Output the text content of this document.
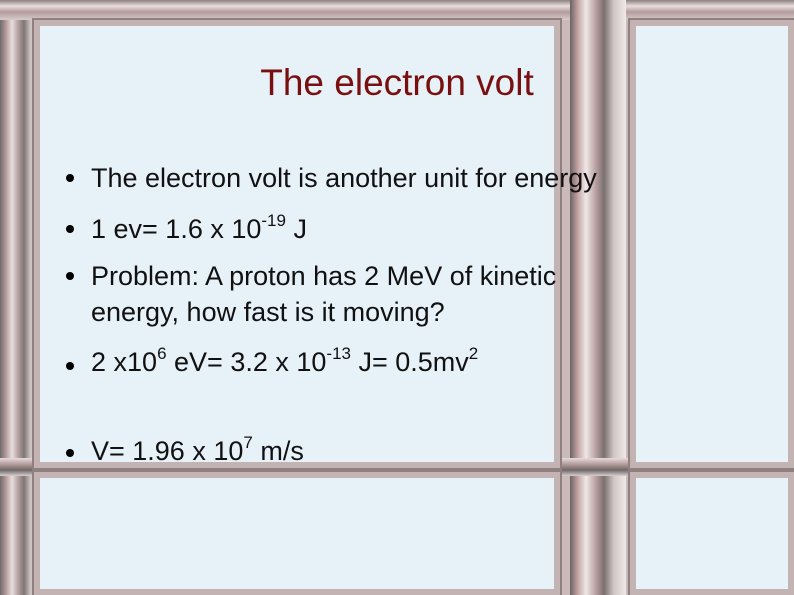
The electron volt
The electron volt is another unit for energy
1 ev= 1.6 x $10^{-19}$ J
Problem: A proton has 2 MeV of kinetic
energy, how fast is it moving?
2 $x10^6$ eV= 3.2 x $10^{-13}$ $J= 0.5mv^2$
V= 1.96 x $10^7$ m/s
